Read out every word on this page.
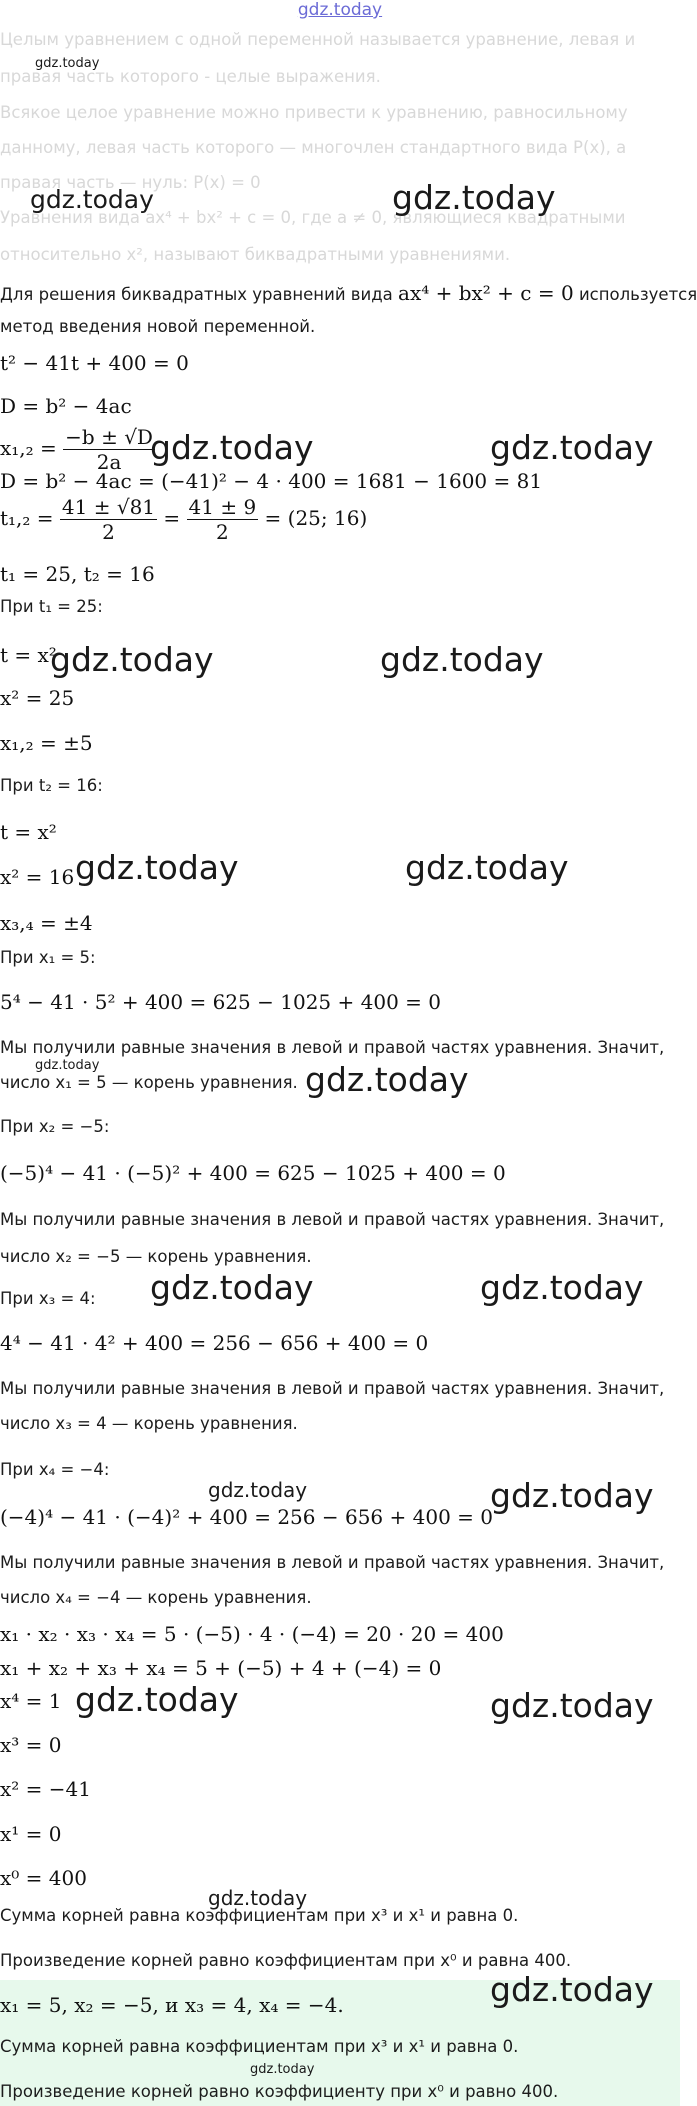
gdz.today
Целым уравнением с одной переменной называется уравнение, левая и
правая часть которого - целые выражения.
Всякое целое уравнение можно привести к уравнению, равносильному
данному, левая часть которого — многочлен стандартного вида P(x), а
правая часть — нуль: P(x) = 0
Уравнения вида ax⁴ + bx² + c = 0, где a ≠ 0, являющиеся квадратными
относительно x², называют биквадратными уравнениями.
Для решения биквадратных уравнений вида ax⁴ + bx² + c = 0 используется
метод введения новой переменной.
t² − 41t + 400 = 0
D = b² − 4ac
$x_1,_2 = \frac{-b \pm √D}{2a}$
D = b² − 4ac = (−41)² − 4 · 400 = 1681 − 1600 = 81
$t_1,_2 = \frac{41 \pm √81}{2} = \frac{41 \pm 9}{2} = (25$; 16)
t₁ = 25, t₂ = 16
При t₁ = 25:
t = x²
x² = 25
x₁,₂ = ±5
При t₂ = 16:
t = x²
x² = 16
x₃,₄ = ±4
При x₁ = 5:
5⁴ − 41 · 5² + 400 = 625 − 1025 + 400 = 0
Мы получили равные значения в левой и правой частях уравнения. Значит,
число x₁ = 5 — корень уравнения.
При x₂ = −5:
(−5)⁴ − 41 · (−5)² + 400 = 625 − 1025 + 400 = 0
Мы получили равные значения в левой и правой частях уравнения. Значит,
число x₂ = −5 — корень уравнения.
При x₃ = 4:
4⁴ − 41 · 4² + 400 = 256 − 656 + 400 = 0
Мы получили равные значения в левой и правой частях уравнения. Значит,
число x₃ = 4 — корень уравнения.
При x₄ = −4:
(−4)⁴ − 41 · (−4)² + 400 = 256 − 656 + 400 = 0
Мы получили равные значения в левой и правой частях уравнения. Значит,
число x₄ = −4 — корень уравнения.
x₁ · x₂ · x₃ · x₄ = 5 · (−5) · 4 · (−4) = 20 · 20 = 400
x₁ + x₂ + x₃ + x₄ = 5 + (−5) + 4 + (−4) = 0
x⁴ = 1
x³ = 0
x² = −41
x¹ = 0
x⁰ = 400
Сумма корней равна коэффициентам при x³ и x¹ и равна 0.
Произведение корней равно коэффициентам при x⁰ и равна 400.
x₁ = 5, x₂ = −5, и x₃ = 4, x₄ = −4.
Сумма корней равна коэффициентам при x³ и x¹ и равна 0.
Произведение корней равно коэффициенту при x⁰ и равно 400.
gdz.today
gdz.today	gdz.today
gdz.today	gdz.today
gdz.today	gdz.today
gdz.today	gdz.today
gdz.today	gdz.today
gdz.today	gdz.today
gdz.today	gdz.today
gdz.today	gdz.today
gdz.today
gdz.today
gdz.today
